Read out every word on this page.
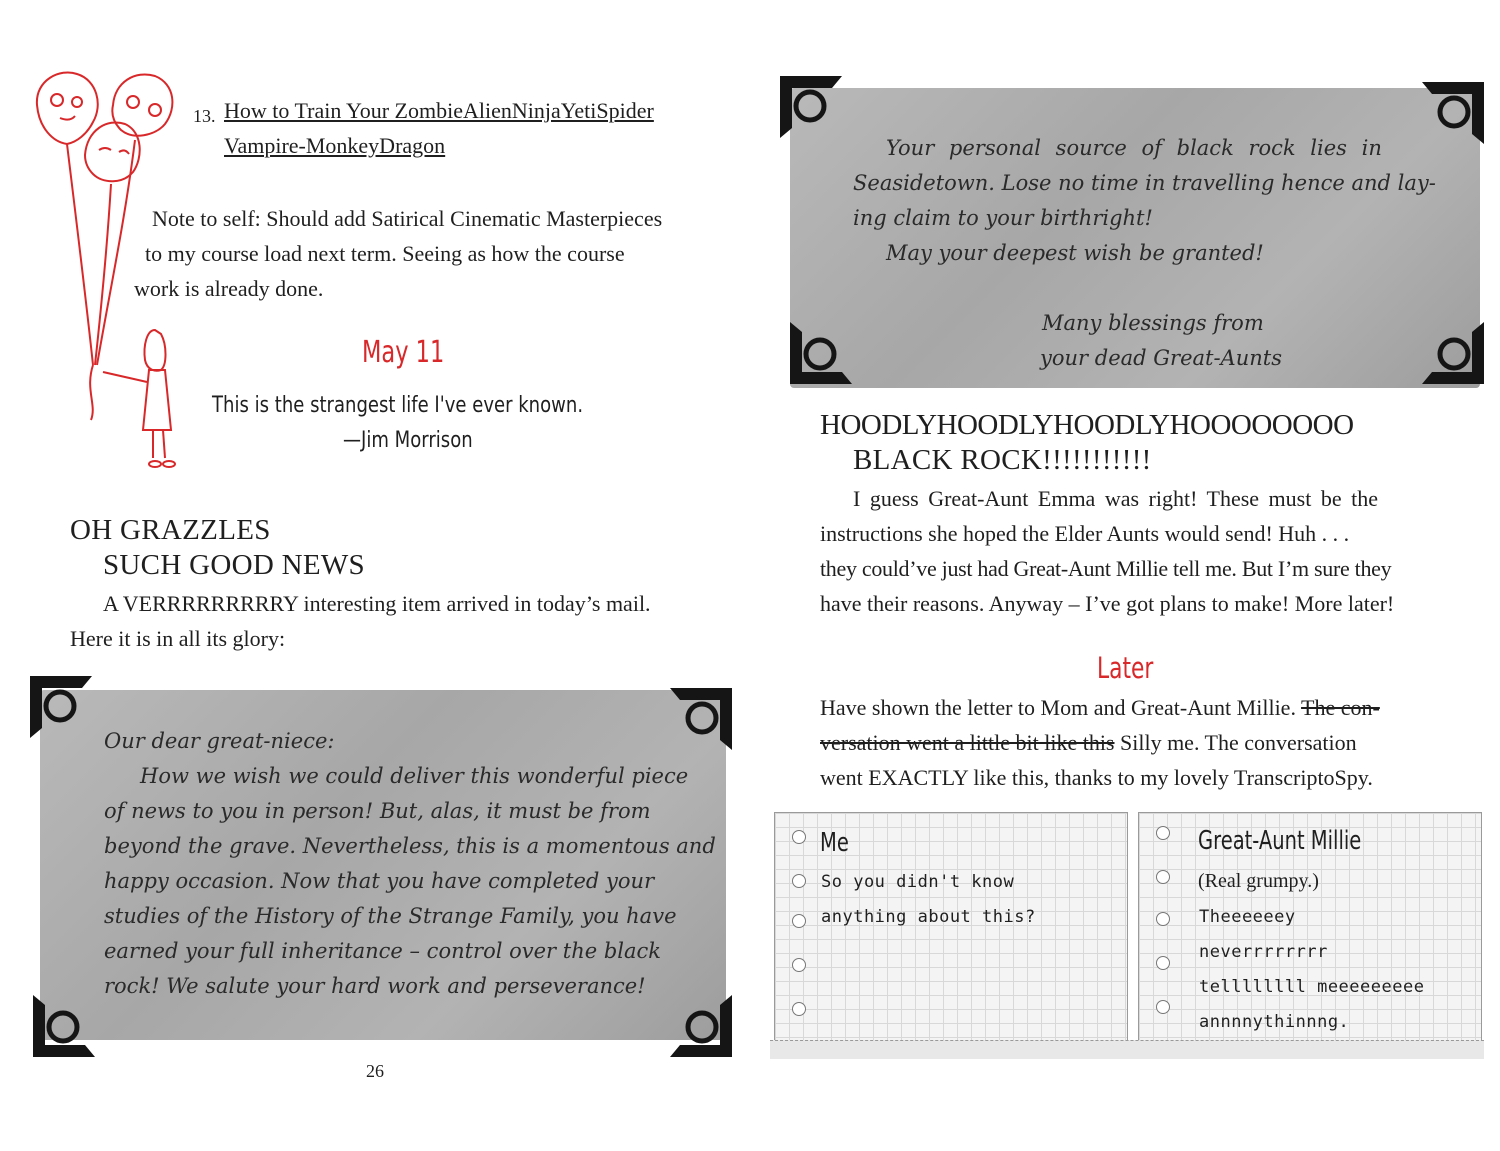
13. How to Train Your ZombieAlienNinjaYetiSpider
Vampire-MonkeyDragon
Note to self: Should add Satirical Cinematic Masterpieces
to my course load next term. Seeing as how the course
work is already done.
May 11
This is the strangest life I've ever known.
—Jim Morrison
OH GRAZZLES
SUCH GOOD NEWS
A VERRRRRRRRRY interesting item arrived in today’s mail.
Here it is in all its glory:
Our dear great-niece:
How we wish we could deliver this wonderful piece
of news to you in person! But, alas, it must be from
beyond the grave. Nevertheless, this is a momentous and
happy occasion. Now that you have completed your
studies of the History of the Strange Family, you have
earned your full inheritance – control over the black
rock! We salute your hard work and perseverance!
26
Your personal source of black rock lies in
Seasidetown. Lose no time in travelling hence and lay-
ing claim to your birthright!
May your deepest wish be granted!
Many blessings from
your dead Great-Aunts
HOODLYHOODLYHOODLYHOOOOOOOO
BLACK ROCK!!!!!!!!!!!
I guess Great-Aunt Emma was right! These must be the
instructions she hoped the Elder Aunts would send! Huh . . .
they could’ve just had Great-Aunt Millie tell me. But I’m sure they
have their reasons. Anyway – I’ve got plans to make! More later!
Later
Have shown the letter to Mom and Great-Aunt Millie. The con-
versation went a little bit like this Silly me. The conversation
went EXACTLY like this, thanks to my lovely TranscriptoSpy.
Me
So you didn't know
anything about this?
Great-Aunt Millie
(Real grumpy.)
Theeeeeey
neverrrrrrrr
tellllllll meeeeeeeee
annnnythinnng.
